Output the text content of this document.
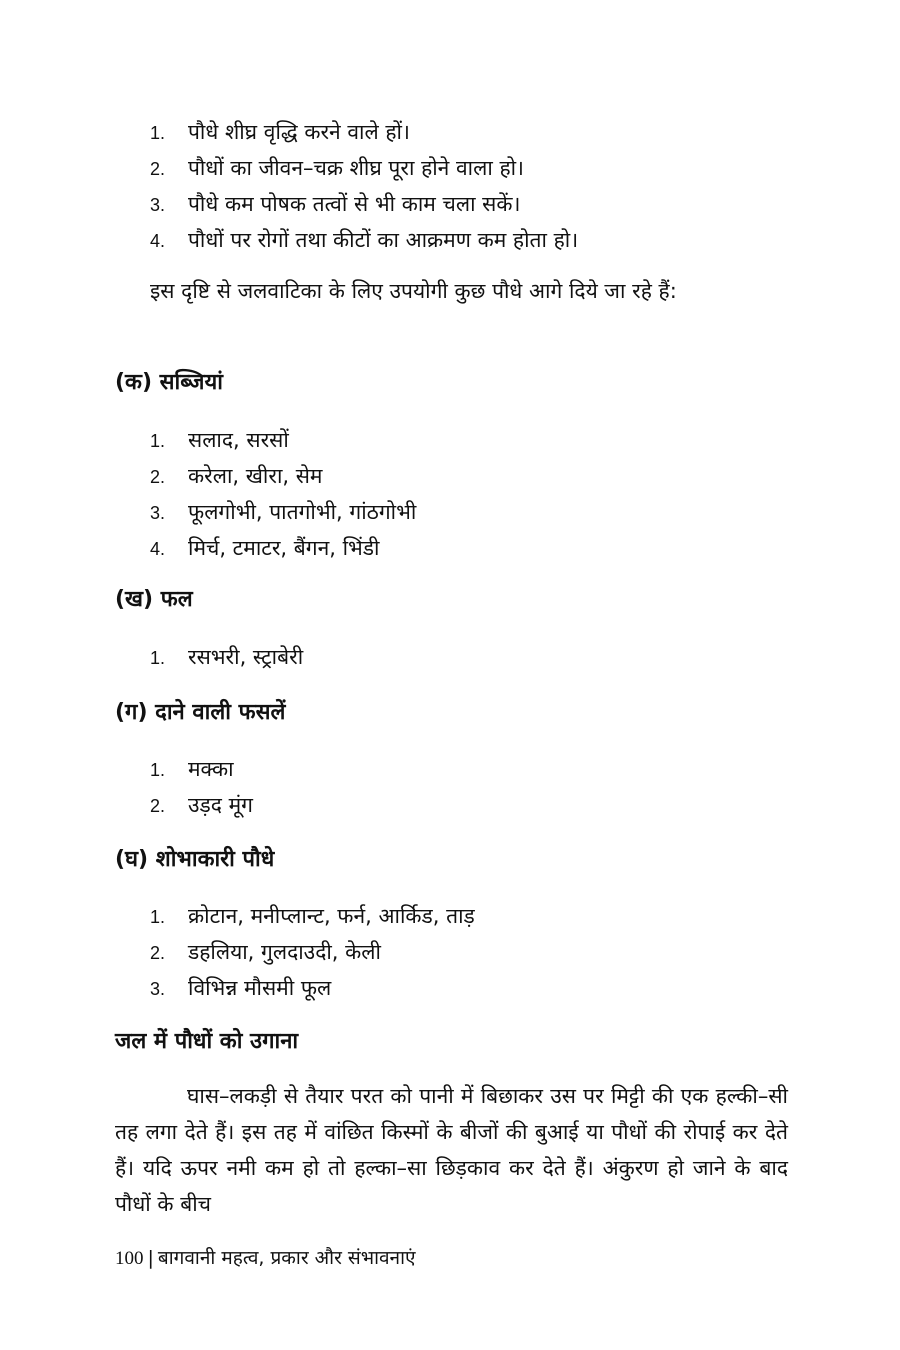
1.	पौधे शीघ्र वृद्धि करने वाले हों।
2.	पौधों का जीवन–चक्र शीघ्र पूरा होने वाला हो।
3.	पौधे कम पोषक तत्वों से भी काम चला सकें।
4.	पौधों पर रोगों तथा कीटों का आक्रमण कम होता हो।

इस दृष्टि से जलवाटिका के लिए उपयोगी कुछ पौधे आगे दिये जा रहे हैं:

(क) सब्जियां
1.	सलाद, सरसों
2.	करेला, खीरा, सेम
3.	फूलगोभी, पातगोभी, गांठगोभी
4.	मिर्च, टमाटर, बैंगन, भिंडी
(ख) फल
1.	रसभरी, स्ट्राबेरी
(ग) दाने वाली फसलें
1.	मक्का
2.	उड़द मूंग
(घ) शोभाकारी पौधे
1.	क्रोटान, मनीप्लान्ट, फर्न, आर्किड, ताड़
2.	डहलिया, गुलदाउदी, केली
3.	विभिन्न मौसमी फूल
जल में पौधों को उगाना

घास–लकड़ी से तैयार परत को पानी में बिछाकर उस पर मिट्टी की एक हल्की–सी तह लगा देते हैं। इस तह में वांछित किस्मों के बीजों की बुआई या पौधों की रोपाई कर देते हैं। यदि ऊपर नमी कम हो तो हल्का–सा छिड़काव कर देते हैं। अंकुरण हो जाने के बाद पौधों के बीच

100 | बागवानी महत्व, प्रकार और संभावनाएं
